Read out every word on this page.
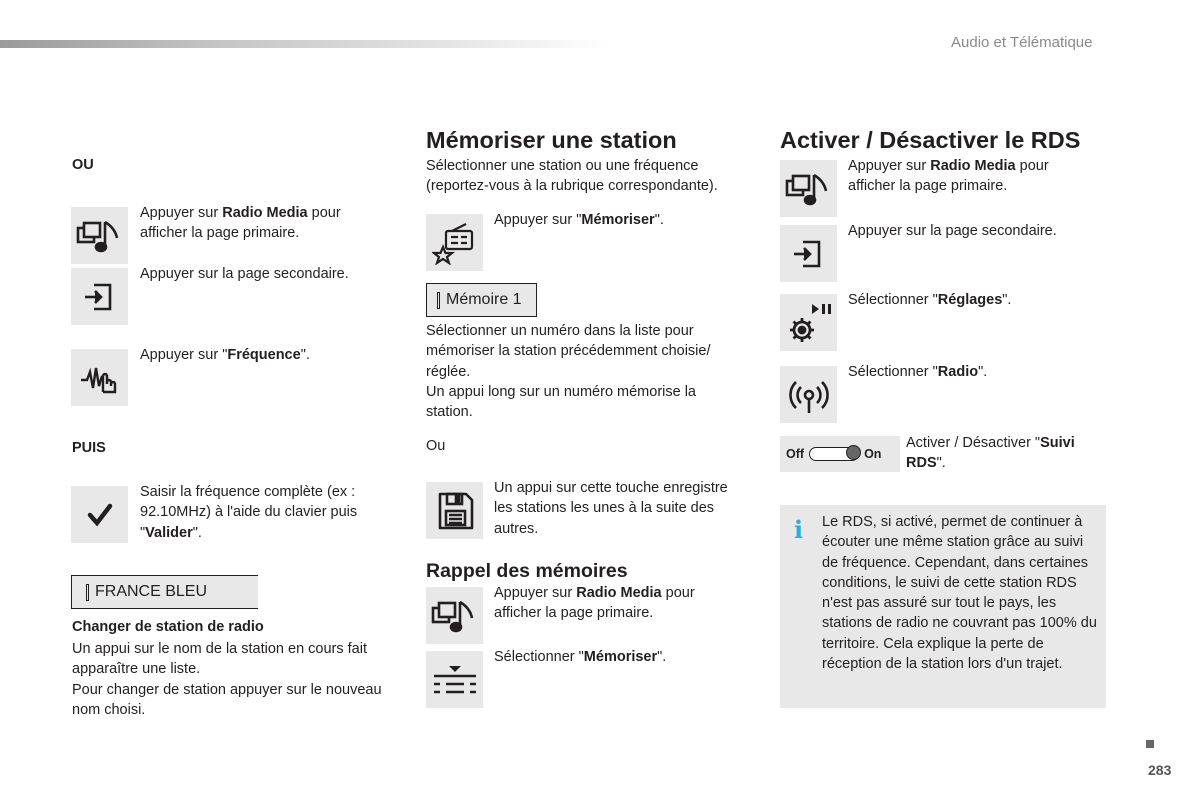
Audio et Télématique
OU
Appuyer sur Radio Media pour afficher la page primaire.
Appuyer sur la page secondaire.
Appuyer sur "Fréquence".
PUIS
Saisir la fréquence complète (ex : 92.10MHz) à l'aide du clavier puis "Valider".
FRANCE BLEU
Changer de station de radio
Un appui sur le nom de la station en cours fait apparaître une liste.
Pour changer de station appuyer sur le nouveau nom choisi.
Mémoriser une station
Sélectionner une station ou une fréquence (reportez-vous à la rubrique correspondante).
Appuyer sur "Mémoriser".
Mémoire 1
Sélectionner un numéro dans la liste pour mémoriser la station précédemment choisie/ réglée.
Un appui long sur un numéro mémorise la station.
Ou
Un appui sur cette touche enregistre les stations les unes à la suite des autres.
Rappel des mémoires
Appuyer sur Radio Media pour afficher la page primaire.
Sélectionner "Mémoriser".
Activer / Désactiver le RDS
Appuyer sur Radio Media pour afficher la page primaire.
Appuyer sur la page secondaire.
Sélectionner "Réglages".
Sélectionner "Radio".
Off	On
Activer / Désactiver "Suivi RDS".
i Le RDS, si activé, permet de continuer à écouter une même station grâce au suivi de fréquence. Cependant, dans certaines conditions, le suivi de cette station RDS n'est pas assuré sur tout le pays, les stations de radio ne couvrant pas 100% du territoire. Cela explique la perte de réception de la station lors d'un trajet.
283
